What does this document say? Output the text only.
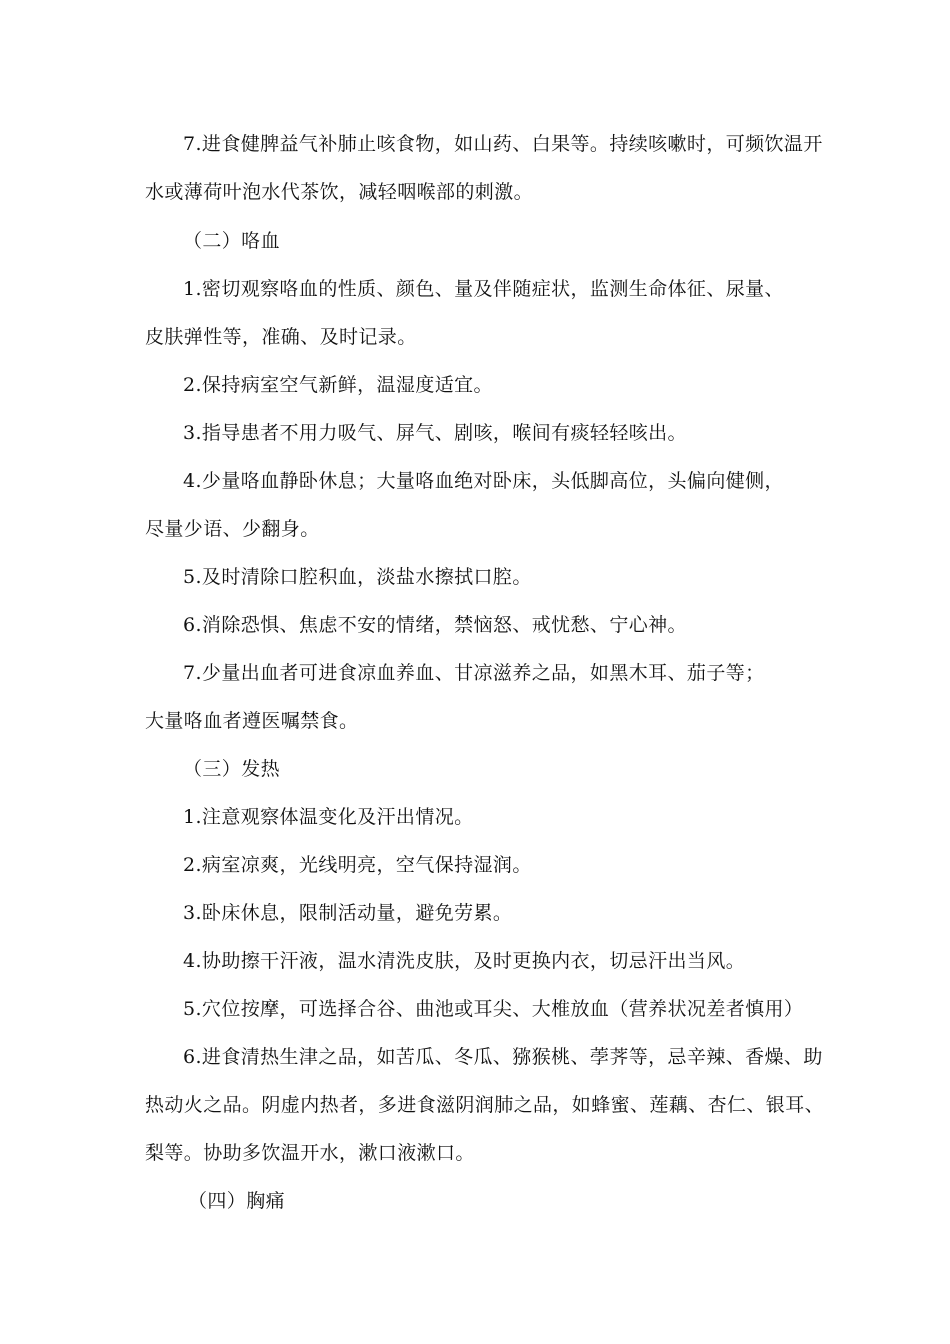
7.进食健脾益气补肺止咳食物，如山药、白果等。持续咳嗽时，可频饮温开
水或薄荷叶泡水代茶饮，减轻咽喉部的刺激。
（二）咯血
1.密切观察咯血的性质、颜色、量及伴随症状，监测生命体征、尿量、
皮肤弹性等，准确、及时记录。
2.保持病室空气新鲜，温湿度适宜。
3.指导患者不用力吸气、屏气、剧咳，喉间有痰轻轻咳出。
4.少量咯血静卧休息；大量咯血绝对卧床，头低脚高位，头偏向健侧，
尽量少语、少翻身。
5.及时清除口腔积血，淡盐水擦拭口腔。
6.消除恐惧、焦虑不安的情绪，禁恼怒、戒忧愁、宁心神。
7.少量出血者可进食凉血养血、甘凉滋养之品，如黑木耳、茄子等；
大量咯血者遵医嘱禁食。
（三）发热
1.注意观察体温变化及汗出情况。
2.病室凉爽，光线明亮，空气保持湿润。
3.卧床休息，限制活动量，避免劳累。
4.协助擦干汗液，温水清洗皮肤，及时更换内衣，切忌汗出当风。
5.穴位按摩，可选择合谷、曲池或耳尖、大椎放血（营养状况差者慎用）
6.进食清热生津之品，如苦瓜、冬瓜、猕猴桃、荸荠等，忌辛辣、香燥、助
热动火之品。阴虚内热者，多进食滋阴润肺之品，如蜂蜜、莲藕、杏仁、银耳、
梨等。协助多饮温开水，漱口液漱口。
（四）胸痛
